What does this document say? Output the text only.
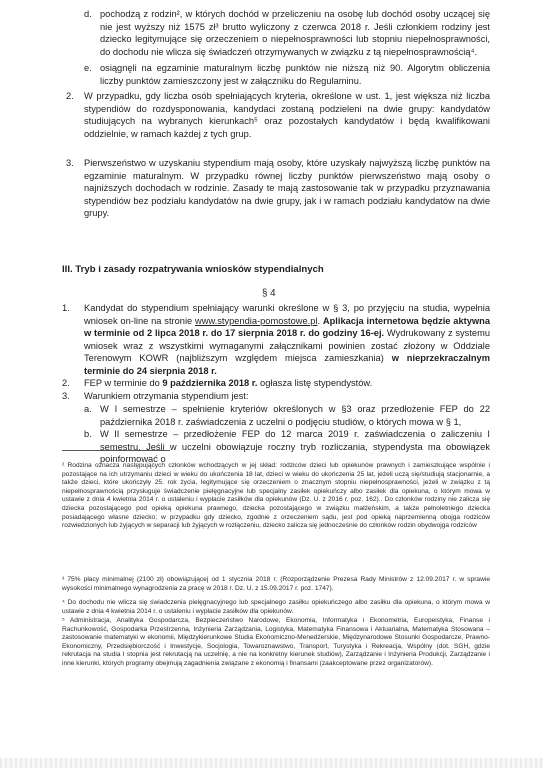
d. pochodzą z rodzin², w których dochód w przeliczeniu na osobę lub dochód osoby uczącej się nie jest wyższy niż 1575 zł³ brutto wyliczony z czerwca 2018 r. Jeśli członkiem rodziny jest dziecko legitymujące się orzeczeniem o niepełnosprawności lub stopniu niepełnosprawności, do dochodu nie wlicza się świadczeń otrzymywanych w związku z tą niepełnosprawnością⁴.
e. osiągnęli na egzaminie maturalnym liczbę punktów nie niższą niż 90. Algorytm obliczenia liczby punktów zamieszczony jest w załączniku do Regulaminu.
2. W przypadku, gdy liczba osób spełniających kryteria, określone w ust. 1, jest większa niż liczba stypendiów do rozdysponowania, kandydaci zostaną podzieleni na dwie grupy: kandydatów studiujących na wybranych kierunkach⁵ oraz pozostałych kandydatów i będą kwalifikowani oddzielnie, w ramach każdej z tych grup.
3. Pierwszeństwo w uzyskaniu stypendium mają osoby, które uzyskały najwyższą liczbę punktów na egzaminie maturalnym. W przypadku równej liczby punktów pierwszeństwo mają osoby o najniższych dochodach w rodzinie. Zasady te mają zastosowanie tak w przypadku przyznawania stypendiów bez podziału kandydatów na dwie grupy, jak i w ramach podziału kandydatów na dwie grupy.
III. Tryb i zasady rozpatrywania wniosków stypendialnych
§ 4
1. Kandydat do stypendium spełniający warunki określone w § 3, po przyjęciu na studia, wypełnia wniosek on-line na stronie www.stypendia-pomostowe.pl. Aplikacja internetowa będzie aktywna w terminie od 2 lipca 2018 r. do 17 sierpnia 2018 r. do godziny 16-ej. Wydrukowany z systemu wniosek wraz z wszystkimi wymaganymi załącznikami powinien zostać złożony w Oddziale Terenowym KOWR (najbliższym względem miejsca zamieszkania) w nieprzekraczalnym terminie do 24 sierpnia 2018 r.
2. FEP w terminie do 9 października 2018 r. ogłasza listę stypendystów.
3. Warunkiem otrzymania stypendium jest:
a. W I semestrze – spełnienie kryteriów określonych w §3 oraz przedłożenie FEP do 22 października 2018 r. zaświadczenia z uczelni o podjęciu studiów, o których mowa w § 1,
b. W II semestrze – przedłożenie FEP do 12 marca 2019 r. zaświadczenia o zaliczeniu I semestru. Jeśli w uczelni obowiązuje roczny tryb rozliczania, stypendysta ma obowiązek poinformować o
² Rodzina oznacza następujących członków wchodzących w jej skład: rodziców dzieci lub opiekunów prawnych i zamieszkujące wspólnie i pozostające na ich utrzymaniu dzieci w wieku do ukończenia 18 lat, dzieci w wieku do ukończenia 25 lat, jeżeli uczą się/studiują stacjonarnie, a także dzieci, które ukończyły 25. rok życia, legitymujące się orzeczeniem o znacznym stopniu niepełnosprawności, jeżeli w związku z tą niepełnosprawnością przysługuje świadczenie pielęgnacyjne lub specjalny zasiłek opiekuńczy albo zasiłek dla opiekuna, o którym mowa w ustawie z dnia 4 kwietnia 2014 r. o ustaleniu i wypłacie zasiłków dla opiekunów (Dz. U. z 2016 r. poz. 162).. Do członków rodziny nie zalicza się dziecka pozostającego pod opieką opiekuna prawnego, dziecka pozostającego w związku małżeńskim, a także pełnoletniego dziecka posiadającego własne dziecko; w przypadku gdy dziecko, zgodnie z orzeczeniem sądu, jest pod opieką naprzemienną obojga rodziców rozwiedzionych lub żyjących w separacji lub żyjących w rozłączeniu, dziecko zalicza się jednocześnie do członków rodzin obydwojga rodziców
³ 75% płacy minimalnej (2100 zł) obowiązującej od 1 stycznia 2018 r. (Rozporządzenie Prezesa Rady Ministrów z 12.09.2017 r. w sprawie wysokości minimalnego wynagrodzenia za pracę w 2018 r. Dz. U. z 15.09.2017 r. poz. 1747).
⁴ Do dochodu nie wlicza się świadczenia pielęgnacyjnego lub specjalnego zasiłku opiekuńczego albo zasiłku dla opiekuna, o którym mowa w ustawie z dnia 4 kwietnia 2014 r. o ustaleniu i wypłacie zasiłków dla opiekunów.
⁵ Administracja, Analityka Gospodarcza, Bezpieczeństwo Narodowe, Ekonomia, Informatyka i Ekonometria, Europeistyka, Finanse i Rachunkowość, Gospodarka Przestrzenna, Inżynieria Zarządzania, Logistyka, Matematyka Finansowa i Aktuarialna, Matematyka Stosowana – zastosowanie matematyki w ekonomii, Międzykierunkowe Studia Ekonomiczno-Menedżerskie, Międzynarodowe Stosunki Gospodarcze, Prawno-Ekonomiczny, Przedsiębiorczość i Inwestycje, Socjologia, Towaroznawstwo, Transport, Turystyka i Rekreacja, Wspólny (dot. SGH, gdzie rekrutacja na studia I stopnia jest rekrutacją na uczelnię, a nie na konkretny kierunek studiów), Zarządzanie i Inżynieria Produkcji, Zarządzanie i inne kierunki, których programy obejmują zagadnienia związane z ekonomią i finansami (zaakceptowane przez organizatorów).
